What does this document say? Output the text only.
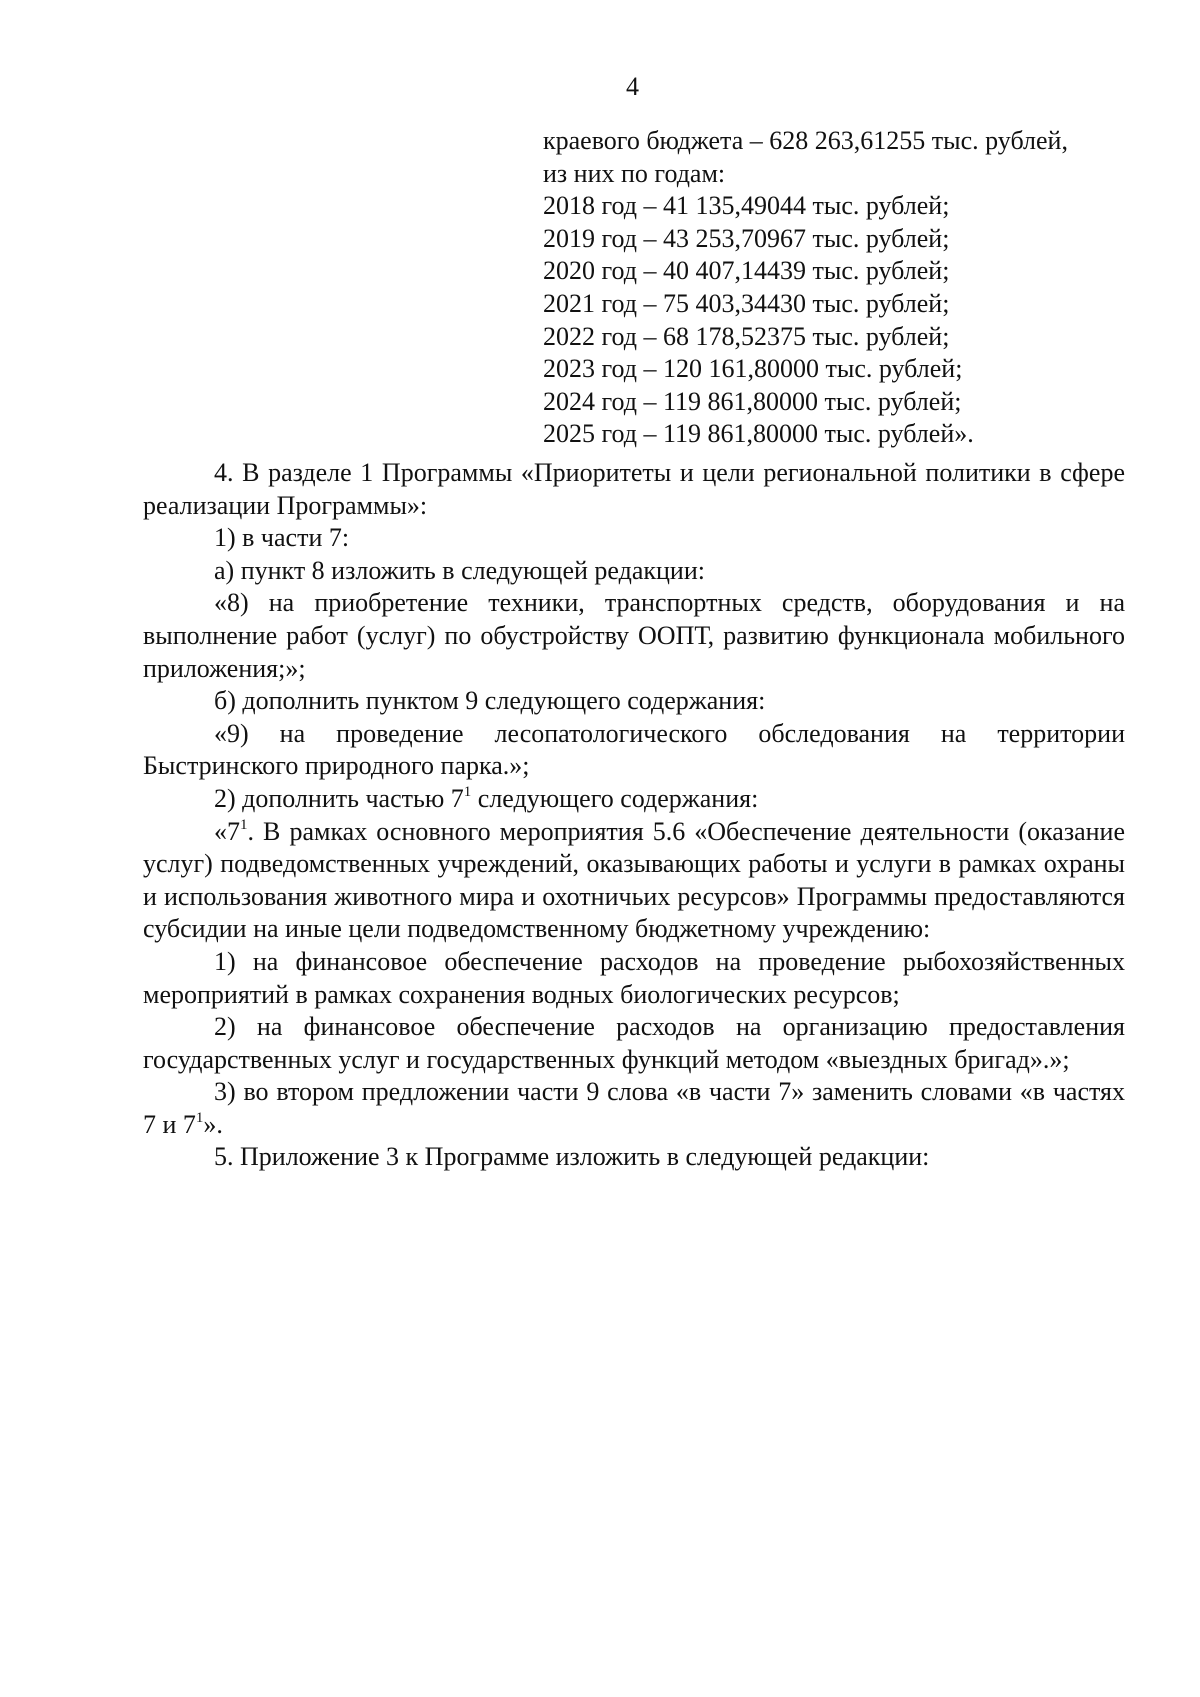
4
краевого бюджета – 628 263,61255 тыс. рублей,
из них по годам:
2018 год – 41 135,49044 тыс. рублей;
2019 год – 43 253,70967 тыс. рублей;
2020 год – 40 407,14439 тыс. рублей;
2021 год – 75 403,34430 тыс. рублей;
2022 год – 68 178,52375 тыс. рублей;
2023 год – 120 161,80000 тыс. рублей;
2024 год – 119 861,80000 тыс. рублей;
2025 год – 119 861,80000 тыс. рублей».

4. В разделе 1 Программы «Приоритеты и цели региональной политики в сфере реализации Программы»:

1) в части 7:

а) пункт 8 изложить в следующей редакции:

«8) на приобретение техники, транспортных средств, оборудования и на выполнение работ (услуг) по обустройству ООПТ, развитию функционала мобильного приложения;»;

б) дополнить пунктом 9 следующего содержания:

«9) на проведение лесопатологического обследования на территории Быстринского природного парка.»;

2) дополнить частью $7^1$ следующего содержания:

«$7^1$. В рамках основного мероприятия 5.6 «Обеспечение деятельности (оказание услуг) подведомственных учреждений, оказывающих работы и услуги в рамках охраны и использования животного мира и охотничьих ресурсов» Программы предоставляются субсидии на иные цели подведомственному бюджетному учреждению:

1) на финансовое обеспечение расходов на проведение рыбохозяйственных мероприятий в рамках сохранения водных биологических ресурсов;

2) на финансовое обеспечение расходов на организацию предоставления государственных услуг и государственных функций методом «выездных бригад».»;

3) во втором предложении части 9 слова «в части 7» заменить словами «в частях 7 и $7^1$».

5. Приложение 3 к Программе изложить в следующей редакции:
